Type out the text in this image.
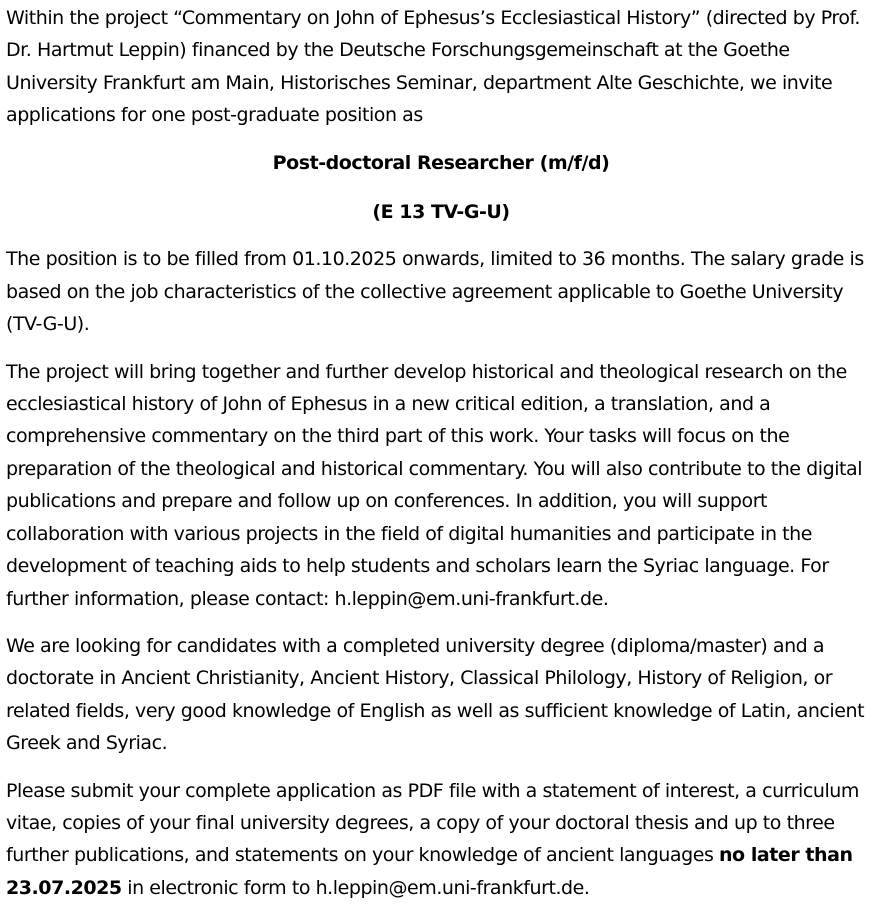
Within the project “Commentary on John of Ephesus’s Ecclesiastical History” (directed by Prof. Dr. Hartmut Leppin) financed by the Deutsche Forschungsgemeinschaft at the Goethe University Frankfurt am Main, Historisches Seminar, department Alte Geschichte, we invite applications for one post-graduate position as

Post-doctoral Researcher (m/f/d)

(E 13 TV-G-U)

The position is to be filled from 01.10.2025 onwards, limited to 36 months. The salary grade is based on the job characteristics of the collective agreement applicable to Goethe University (TV-G-U).

The project will bring together and further develop historical and theological research on the ecclesiastical history of John of Ephesus in a new critical edition, a translation, and a comprehensive commentary on the third part of this work. Your tasks will focus on the preparation of the theological and historical commentary. You will also contribute to the digital publications and prepare and follow up on conferences. In addition, you will support collaboration with various projects in the field of digital humanities and participate in the development of teaching aids to help students and scholars learn the Syriac language. For further information, please contact: h.leppin@em.uni-frankfurt.de.

We are looking for candidates with a completed university degree (diploma/master) and a doctorate in Ancient Christianity, Ancient History, Classical Philology, History of Religion, or related fields, very good knowledge of English as well as sufficient knowledge of Latin, ancient Greek and Syriac.

Please submit your complete application as PDF file with a statement of interest, a curriculum vitae, copies of your final university degrees, a copy of your doctoral thesis and up to three further publications, and statements on your knowledge of ancient languages no later than 23.07.2025 in electronic form to h.leppin@em.uni-frankfurt.de.
